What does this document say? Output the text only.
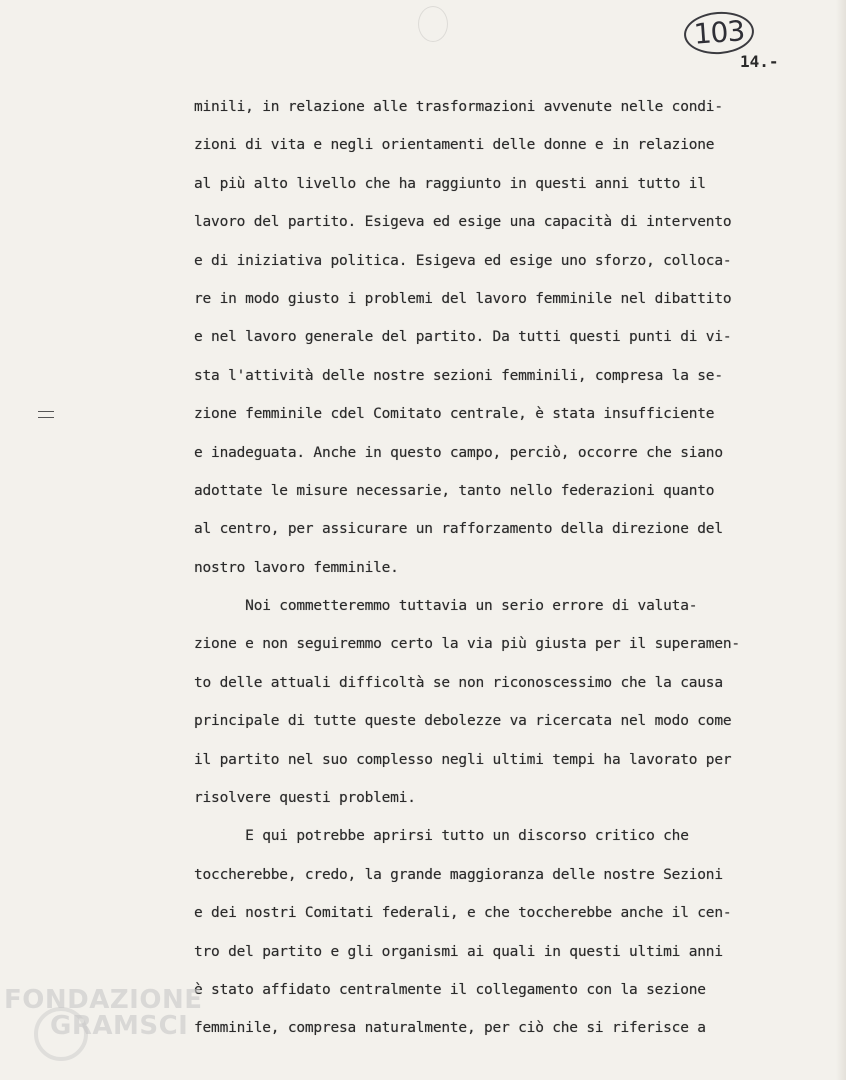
103
14.-
minili, in relazione alle trasformazioni avvenute nelle condi-
zioni di vita e negli orientamenti delle donne e in relazione
al più alto livello che ha raggiunto in questi anni tutto il
lavoro del partito. Esigeva ed esige una capacità di intervento
e di iniziativa politica. Esigeva ed esige uno sforzo, colloca-
re in modo giusto i problemi del lavoro femminile nel dibattito
e nel lavoro generale del partito. Da tutti questi punti di vi-
sta l'attività delle nostre sezioni femminili, compresa la se-
zione femminile cdel Comitato centrale, è stata insufficiente
e inadeguata. Anche in questo campo, perciò, occorre che siano
adottate le misure necessarie, tanto nello federazioni quanto
al centro, per assicurare un rafforzamento della direzione del
nostro lavoro femminile.
Noi commetteremmo tuttavia un serio errore di valuta-
zione e non seguiremmo certo la via più giusta per il superamen-
to delle attuali difficoltà se non riconoscessimo che la causa
principale di tutte queste debolezze va ricercata nel modo come
il partito nel suo complesso negli ultimi tempi ha lavorato per
risolvere questi problemi.
E qui potrebbe aprirsi tutto un discorso critico che
toccherebbe, credo, la grande maggioranza delle nostre Sezioni
e dei nostri Comitati federali, e che toccherebbe anche il cen-
tro del partito e gli organismi ai quali in questi ultimi anni
è stato affidato centralmente il collegamento con la sezione
femminile, compresa naturalmente, per ciò che si riferisce a
FONDAZIONE
GRAMSCI
